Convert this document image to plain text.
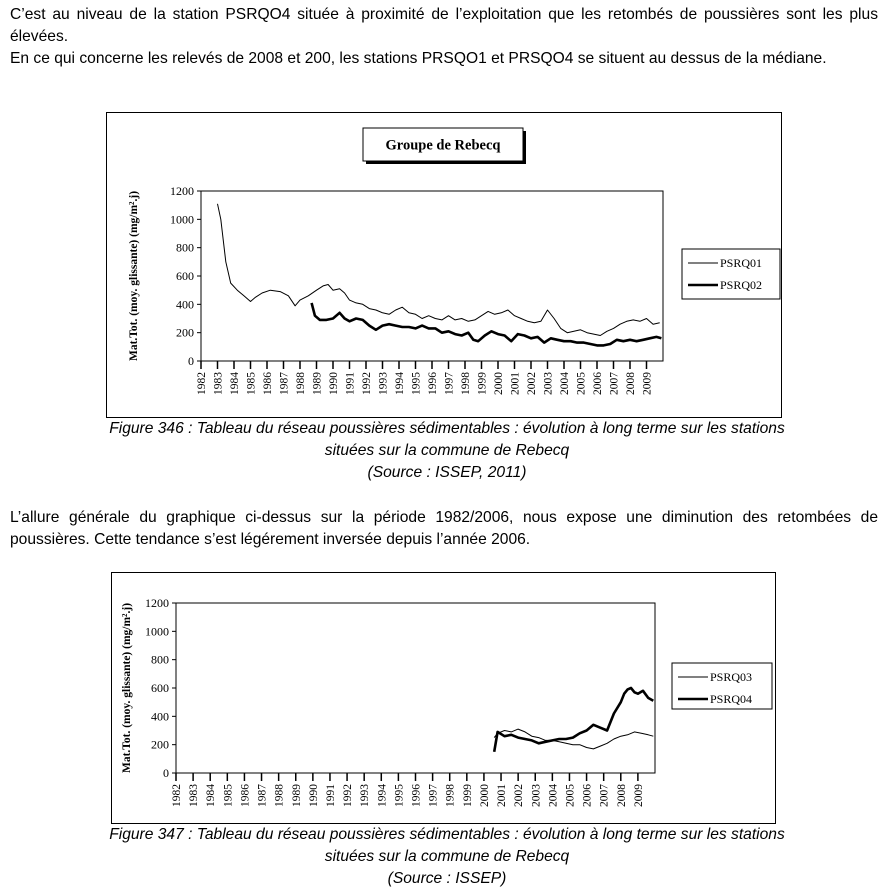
C’est au niveau de la station PSRQO4 située à proximité de l’exploitation que les retombés de poussières sont les plus élevées.

En ce qui concerne les relevés de 2008 et 200, les stations PRSQO1 et PRSQO4 se situent au dessus de la médiane.

0
200
400
600
800
1000
1200
1982 1983 1984 1985 1986 1987 1988 1989 1990 1991 1992 1993 1994 1995 1996 1997 1998 1999 2000 2001 2002 2003 2004 2005 2006 2007 2008 2009
Mat.Tot. (moy. glissante) (mg/m².j)	PSRQ01
PSRQ02
Groupe de Rebecq

Figure 346 : Tableau du réseau poussières sédimentables : évolution à long terme sur les stations

situées sur la commune de Rebecq

(Source : ISSEP, 2011)

L’allure générale du graphique ci-dessus sur la période 1982/2006, nous expose une diminution des retombées de poussières. Cette tendance s’est légérement inversée depuis l’année 2006.

0
200
400
600
800
1000
1200
1982 1983 1984 1985 1986 1987 1988 1989 1990 1991 1992 1993 1994 1995 1996 1997 1998 1999 2000 2001 2002 2003 2004 2005 2006 2007 2008 2009
Mat.Tot. (moy. glissante) (mg/m².j)	PSRQ03
PSRQ04

Figure 347 : Tableau du réseau poussières sédimentables : évolution à long terme sur les stations

situées sur la commune de Rebecq

(Source : ISSEP)
